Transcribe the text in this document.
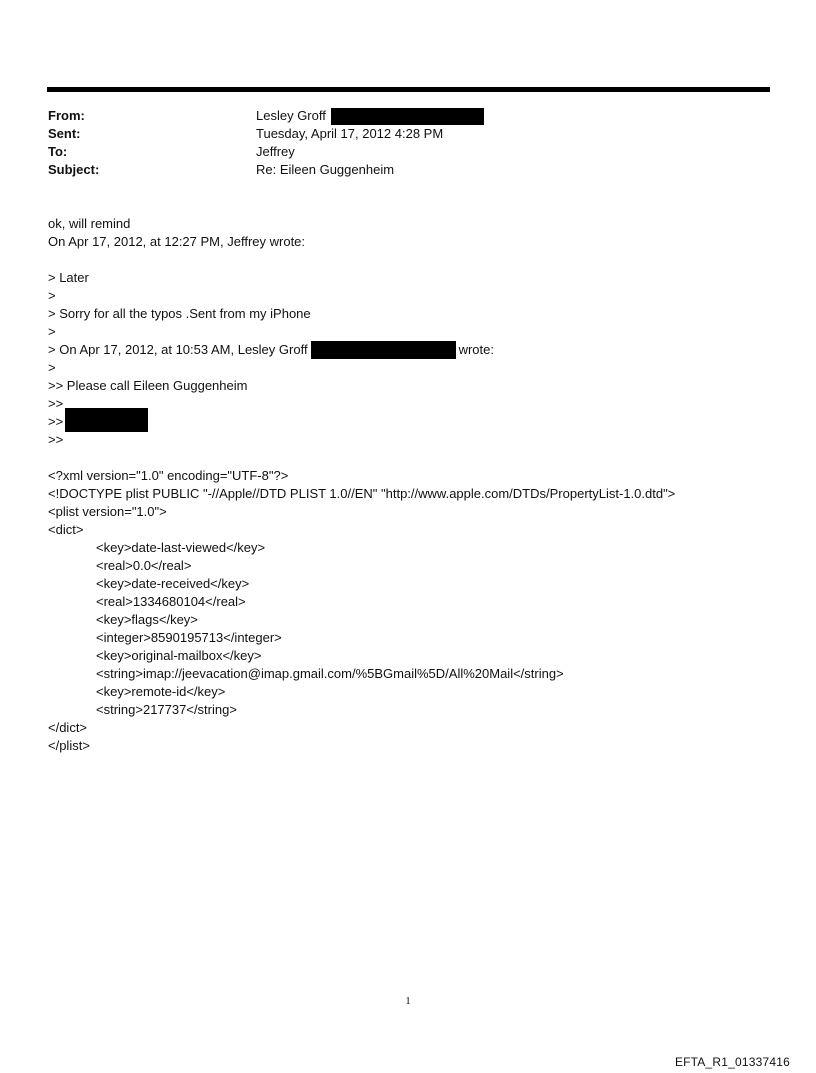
From:	Lesley Groff
Sent:	Tuesday, April 17, 2012 4:28 PM
To:	Jeffrey
Subject:	Re: Eileen Guggenheim
ok, will remind
On Apr 17, 2012, at 12:27 PM, Jeffrey wrote:
> Later
>
> Sorry for all the typos .Sent from my iPhone
>
> On Apr 17, 2012, at 10:53 AM, Lesley Groff	wrote:
>
>> Please call Eileen Guggenheim
>>
>>
>>
<?xml version="1.0" encoding="UTF-8"?>
<!DOCTYPE plist PUBLIC "-//Apple//DTD PLIST 1.0//EN" "http://www.apple.com/DTDs/PropertyList-1.0.dtd">
<plist version="1.0">
<dict>
<key>date-last-viewed</key>
<real>0.0</real>
<key>date-received</key>
<real>1334680104</real>
<key>flags</key>
<integer>8590195713</integer>
<key>original-mailbox</key>
<string>imap://jeevacation@imap.gmail.com/%5BGmail%5D/All%20Mail</string>
<key>remote-id</key>
<string>217737</string>
</dict>
</plist>
1
EFTA_R1_01337416
